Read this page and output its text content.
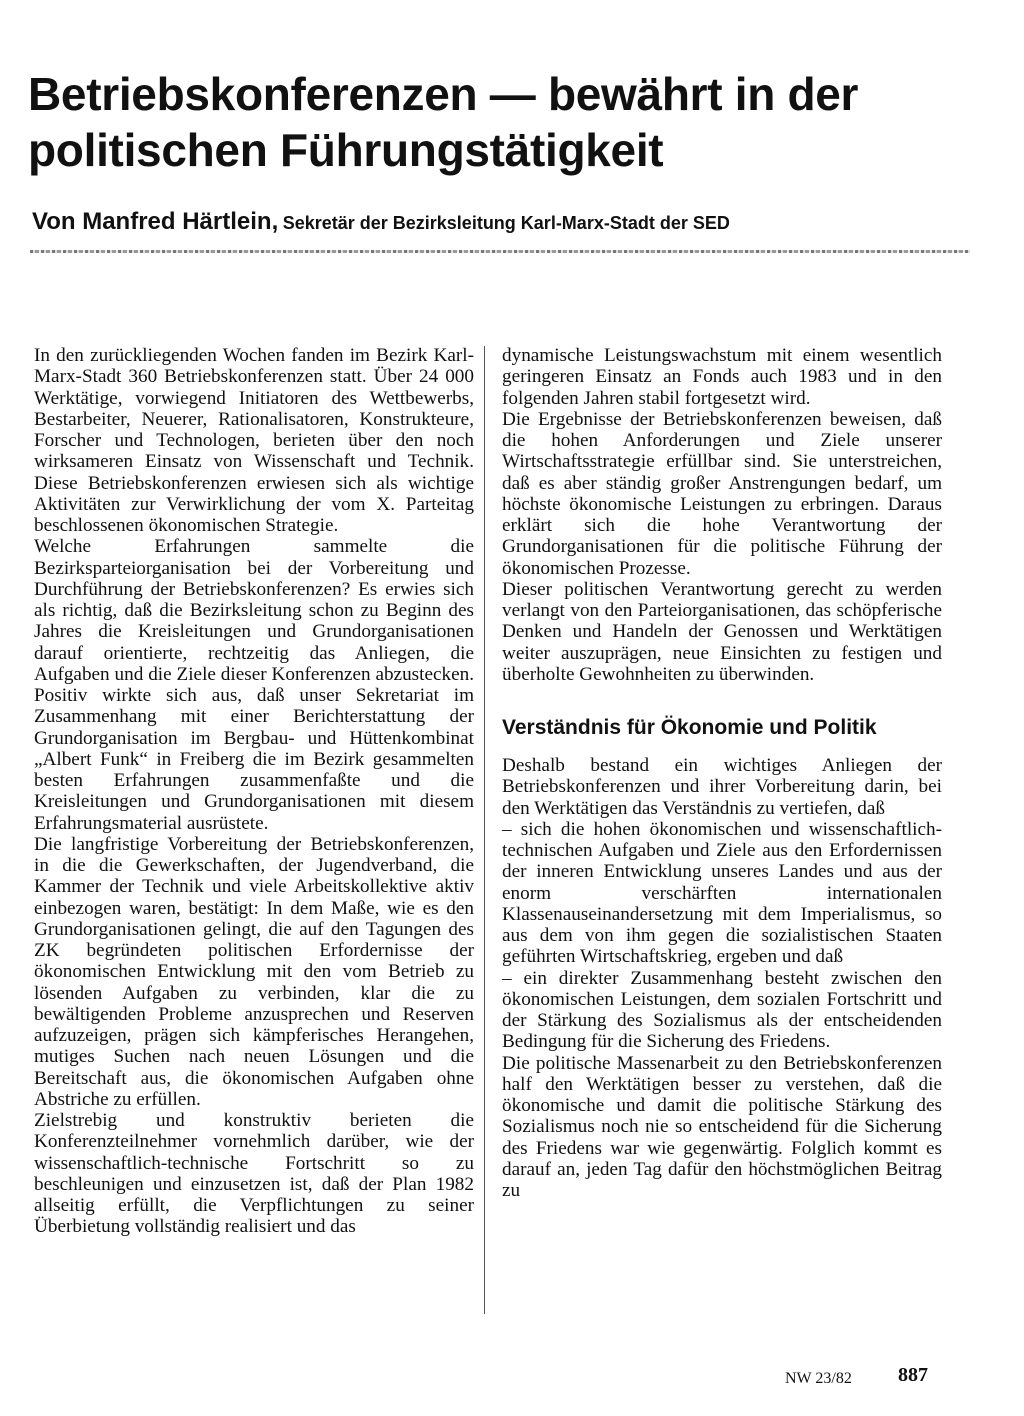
Betriebskonferenzen — bewährt in der politischen Führungstätigkeit
Von Manfred Härtlein, Sekretär der Bezirksleitung Karl-Marx-Stadt der SED

In den zurückliegenden Wochen fanden im Bezirk Karl-Marx-Stadt 360 Betriebskonferenzen statt. Über 24 000 Werktätige, vorwiegend Initiatoren des Wettbewerbs, Bestarbeiter, Neuerer, Rationalisatoren, Konstrukteure, Forscher und Technologen, berieten über den noch wirksameren Einsatz von Wissenschaft und Technik. Diese Betriebskonferenzen erwiesen sich als wichtige Aktivitäten zur Verwirklichung der vom X. Parteitag beschlossenen ökonomischen Strategie.

Welche Erfahrungen sammelte die Bezirksparteiorganisation bei der Vorbereitung und Durchführung der Betriebskonferenzen? Es erwies sich als richtig, daß die Bezirksleitung schon zu Beginn des Jahres die Kreisleitungen und Grundorganisationen darauf orientierte, rechtzeitig das Anliegen, die Aufgaben und die Ziele dieser Konferenzen abzustecken. Positiv wirkte sich aus, daß unser Sekretariat im Zusammenhang mit einer Berichterstattung der Grundorganisation im Bergbau- und Hüttenkombinat „Albert Funk“ in Freiberg die im Bezirk gesammelten besten Erfahrungen zusammenfaßte und die Kreisleitungen und Grundorganisationen mit diesem Erfahrungsmaterial ausrüstete.

Die langfristige Vorbereitung der Betriebskonferenzen, in die die Gewerkschaften, der Jugendverband, die Kammer der Technik und viele Arbeitskollektive aktiv einbezogen waren, bestätigt: In dem Maße, wie es den Grundorganisationen gelingt, die auf den Tagungen des ZK begründeten politischen Erfordernisse der ökonomischen Entwicklung mit den vom Betrieb zu lösenden Aufgaben zu verbinden, klar die zu bewältigenden Probleme anzusprechen und Reserven aufzuzeigen, prägen sich kämpferisches Herangehen, mutiges Suchen nach neuen Lösungen und die Bereitschaft aus, die ökonomischen Aufgaben ohne Abstriche zu erfüllen.

Zielstrebig und konstruktiv berieten die Konferenzteilnehmer vornehmlich darüber, wie der wissenschaftlich-technische Fortschritt so zu beschleunigen und einzusetzen ist, daß der Plan 1982 allseitig erfüllt, die Verpflichtungen zu seiner Überbietung vollständig realisiert und das

dynamische Leistungswachstum mit einem wesentlich geringeren Einsatz an Fonds auch 1983 und in den folgenden Jahren stabil fortgesetzt wird.

Die Ergebnisse der Betriebskonferenzen beweisen, daß die hohen Anforderungen und Ziele unserer Wirtschaftsstrategie erfüllbar sind. Sie unterstreichen, daß es aber ständig großer Anstrengungen bedarf, um höchste ökonomische Leistungen zu erbringen. Daraus erklärt sich die hohe Verantwortung der Grundorganisationen für die politische Führung der ökonomischen Prozesse.

Dieser politischen Verantwortung gerecht zu werden verlangt von den Parteiorganisationen, das schöpferische Denken und Handeln der Genossen und Werktätigen weiter auszuprägen, neue Einsichten zu festigen und überholte Gewohnheiten zu überwinden.

Verständnis für Ökonomie und Politik

Deshalb bestand ein wichtiges Anliegen der Betriebskonferenzen und ihrer Vorbereitung darin, bei den Werktätigen das Verständnis zu vertiefen, daß

– sich die hohen ökonomischen und wissenschaftlich-technischen Aufgaben und Ziele aus den Erfordernissen der inneren Entwicklung unseres Landes und aus der enorm verschärften internationalen Klassenauseinandersetzung mit dem Imperialismus, so aus dem von ihm gegen die sozialistischen Staaten geführten Wirtschaftskrieg, ergeben und daß

– ein direkter Zusammenhang besteht zwischen den ökonomischen Leistungen, dem sozialen Fortschritt und der Stärkung des Sozialismus als der entscheidenden Bedingung für die Sicherung des Friedens.

Die politische Massenarbeit zu den Betriebskonferenzen half den Werktätigen besser zu verstehen, daß die ökonomische und damit die politische Stärkung des Sozialismus noch nie so entscheidend für die Sicherung des Friedens war wie gegenwärtig. Folglich kommt es darauf an, jeden Tag dafür den höchstmöglichen Beitrag zu

NW 23/82 887
